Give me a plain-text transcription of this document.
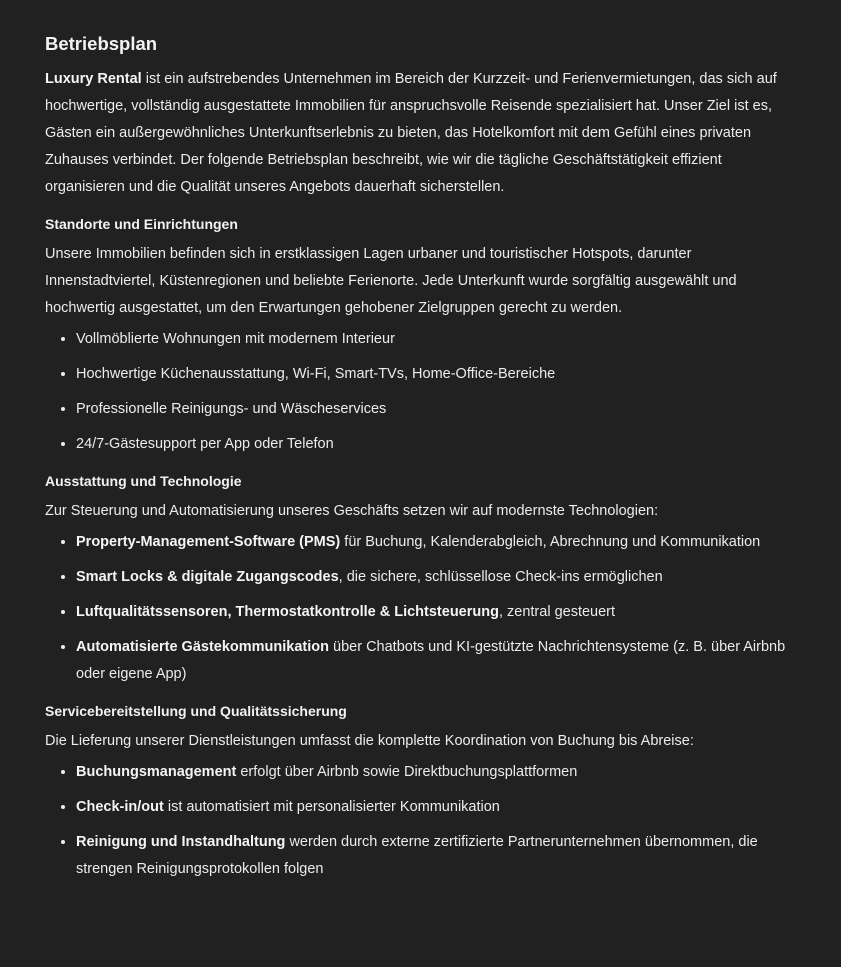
Betriebsplan

Luxury Rental ist ein aufstrebendes Unternehmen im Bereich der Kurzzeit- und Ferienvermietungen, das sich auf hochwertige, vollständig ausgestattete Immobilien für anspruchsvolle Reisende spezialisiert hat. Unser Ziel ist es, Gästen ein außergewöhnliches Unterkunftserlebnis zu bieten, das Hotelkomfort mit dem Gefühl eines privaten Zuhauses verbindet. Der folgende Betriebsplan beschreibt, wie wir die tägliche Geschäftstätigkeit effizient organisieren und die Qualität unseres Angebots dauerhaft sicherstellen.

Standorte und Einrichtungen

Unsere Immobilien befinden sich in erstklassigen Lagen urbaner und touristischer Hotspots, darunter Innenstadtviertel, Küstenregionen und beliebte Ferienorte. Jede Unterkunft wurde sorgfältig ausgewählt und hochwertig ausgestattet, um den Erwartungen gehobener Zielgruppen gerecht zu werden.

• Vollmöblierte Wohnungen mit modernem Interieur
• Hochwertige Küchenausstattung, Wi-Fi, Smart-TVs, Home-Office-Bereiche
• Professionelle Reinigungs- und Wäscheservices
• 24/7-Gästesupport per App oder Telefon
Ausstattung und Technologie

Zur Steuerung und Automatisierung unseres Geschäfts setzen wir auf modernste Technologien:

• Property-Management-Software (PMS) für Buchung, Kalenderabgleich, Abrechnung und Kommunikation
• Smart Locks & digitale Zugangscodes, die sichere, schlüssellose Check-ins ermöglichen
• Luftqualitätssensoren, Thermostatkontrolle & Lichtsteuerung, zentral gesteuert
• Automatisierte Gästekommunikation über Chatbots und KI-gestützte Nachrichtensysteme (z. B. über Airbnb oder eigene App)
Servicebereitstellung und Qualitätssicherung

Die Lieferung unserer Dienstleistungen umfasst die komplette Koordination von Buchung bis Abreise:

• Buchungsmanagement erfolgt über Airbnb sowie Direktbuchungsplattformen
• Check-in/out ist automatisiert mit personalisierter Kommunikation
• Reinigung und Instandhaltung werden durch externe zertifizierte Partnerunternehmen übernommen, die strengen Reinigungsprotokollen folgen
